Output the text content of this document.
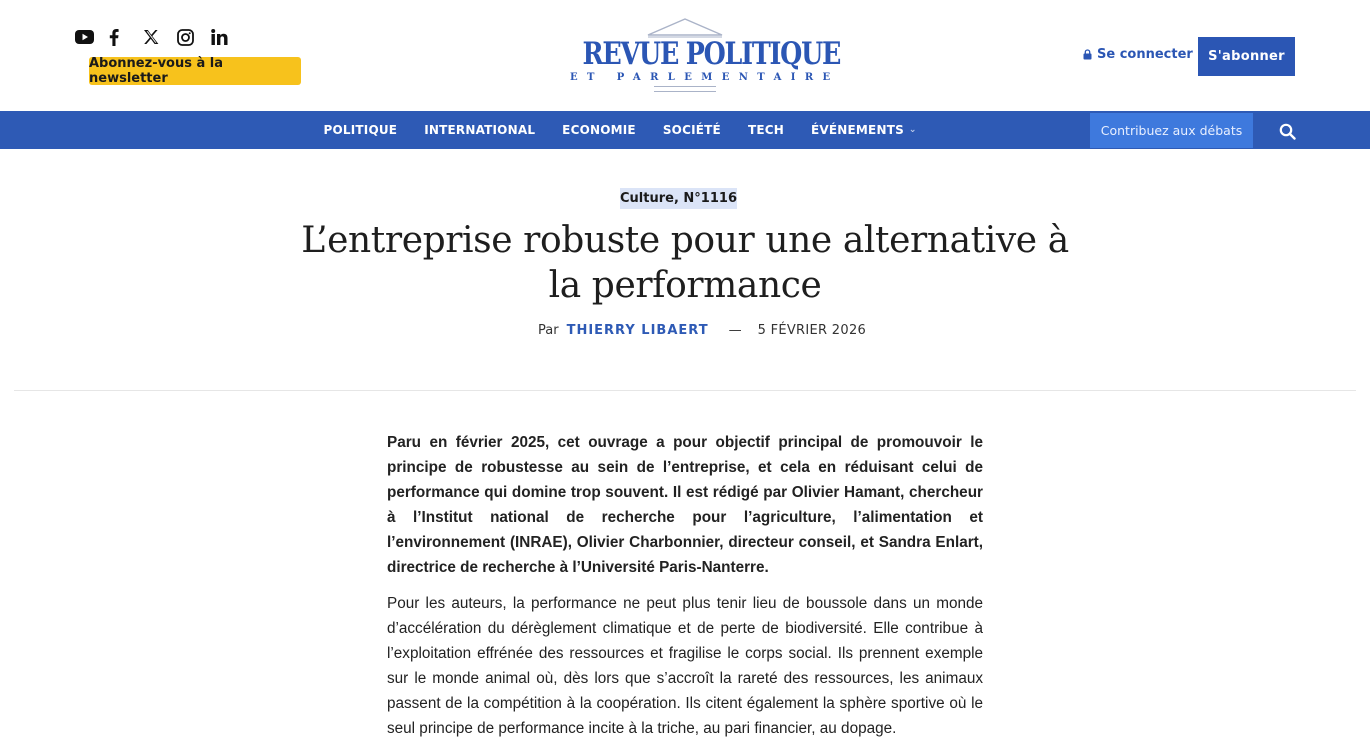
Abonnez-vous à la newsletter
REVUE POLITIQUE
ET PARLEMENTAIRE
Se connecter	S'abonner
POLITIQUE INTERNATIONAL ECONOMIE SOCIÉTÉ TECH ÉVÉNEMENTS ⌄	Contribuez aux débats
Culture , N°1116
L’entreprise robuste pour une alternative à la performance
Par THIERRY LIBAERT — 5 FÉVRIER 2026

Paru en février 2025, cet ouvrage a pour objectif principal de promouvoir le principe de robustesse au sein de l’entreprise, et cela en réduisant celui de performance qui domine trop souvent. Il est rédigé par Olivier Hamant, chercheur à l’Institut national de recherche pour l’agriculture, l’alimentation et l’environnement (INRAE), Olivier Charbonnier, directeur conseil, et Sandra Enlart, directrice de recherche à l’Université Paris-Nanterre.

Pour les auteurs, la performance ne peut plus tenir lieu de boussole dans un monde d’accélération du dérèglement climatique et de perte de biodiversité. Elle contribue à l’exploitation effrénée des ressources et fragilise le corps social. Ils prennent exemple sur le monde animal où, dès lors que s’accroît la rareté des ressources, les animaux passent de la compétition à la coopération. Ils citent également la sphère sportive où le seul principe de performance incite à la triche, au pari financier, au dopage.
